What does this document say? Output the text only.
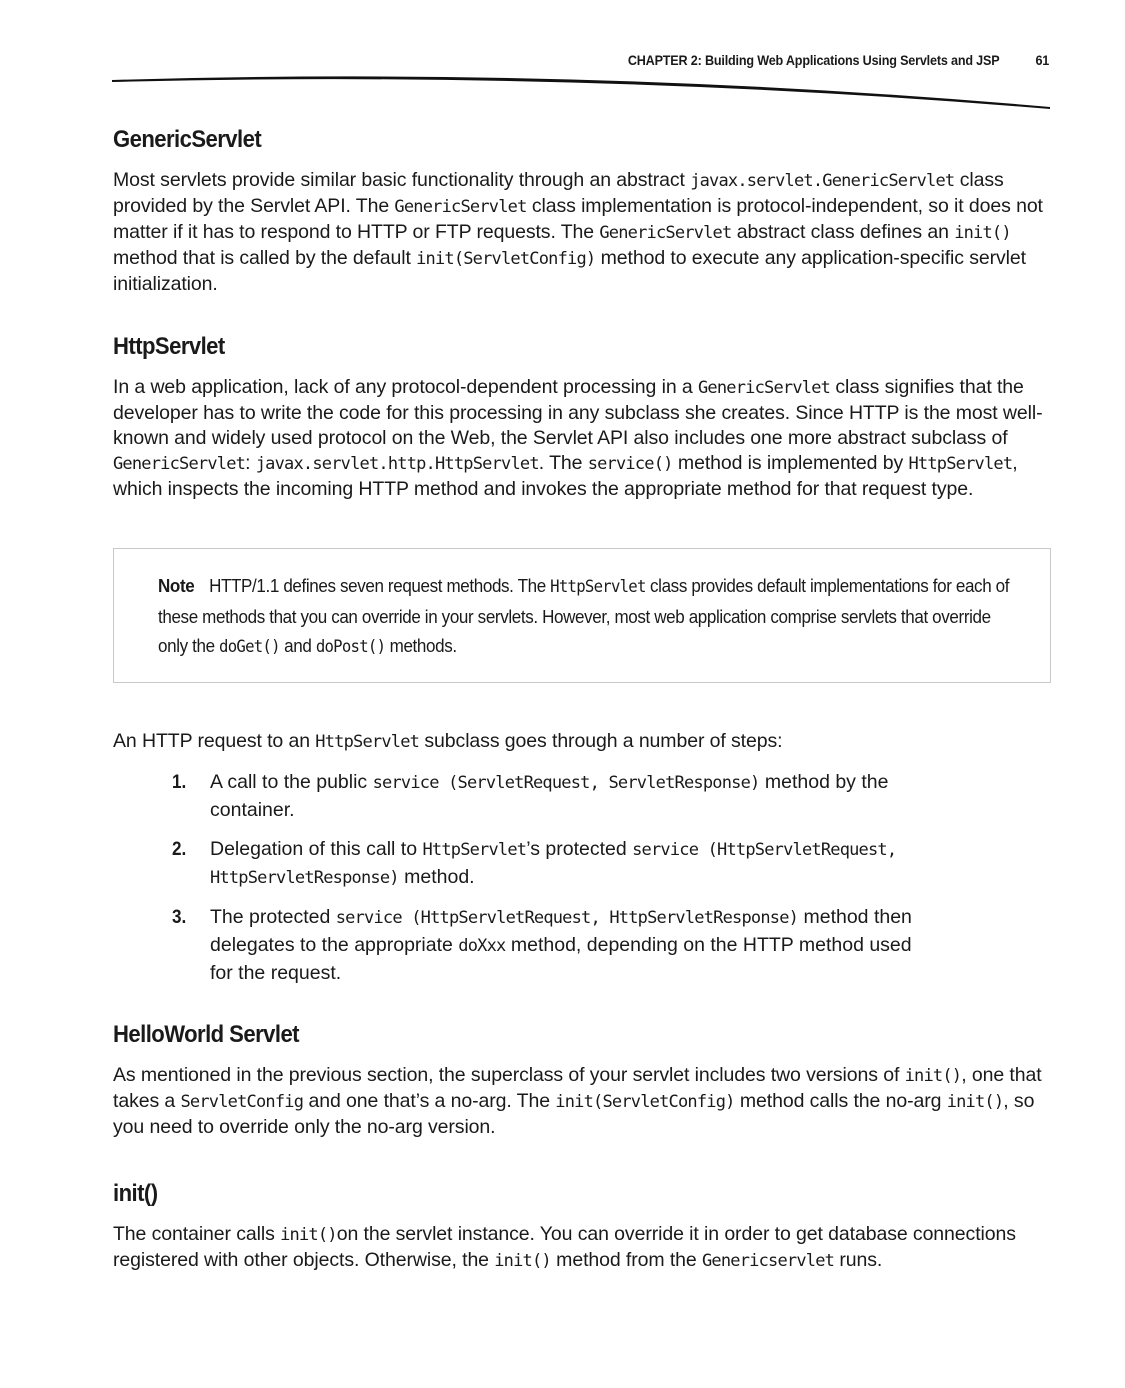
CHAPTER 2: Building Web Applications Using Servlets and JSP	61
GenericServlet

Most servlets provide similar basic functionality through an abstract javax.servlet.GenericServlet class provided by the Servlet API. The GenericServlet class implementation is protocol-independent, so it does not matter if it has to respond to HTTP or FTP requests. The GenericServlet abstract class defines an init() method that is called by the default init(ServletConfig) method to execute any application-specific servlet initialization.

HttpServlet

In a web application, lack of any protocol-dependent processing in a GenericServlet class signifies that the developer has to write the code for this processing in any subclass she creates. Since HTTP is the most well-known and widely used protocol on the Web, the Servlet API also includes one more abstract subclass of GenericServlet: javax.servlet.http.HttpServlet. The service() method is implemented by HttpServlet, which inspects the incoming HTTP method and invokes the appropriate method for that request type.

Note HTTP/1.1 defines seven request methods. The HttpServlet class provides default implementations for each of these methods that you can override in your servlets. However, most web application comprise servlets that override only the doGet() and doPost() methods.

An HTTP request to an HttpServlet subclass goes through a number of steps:

1. A call to the public service (ServletRequest, ServletResponse) method by the container.
2. Delegation of this call to HttpServlet’s protected service (HttpServletRequest, HttpServletResponse) method.
3. The protected service (HttpServletRequest, HttpServletResponse) method then delegates to the appropriate doXxx method, depending on the HTTP method used for the request.
HelloWorld Servlet

As mentioned in the previous section, the superclass of your servlet includes two versions of init(), one that takes a ServletConfig and one that’s a no-arg. The init(ServletConfig) method calls the no-arg init(), so you need to override only the no-arg version.

init()

The container calls init()on the servlet instance. You can override it in order to get database connections registered with other objects. Otherwise, the init() method from the Genericservlet runs.
